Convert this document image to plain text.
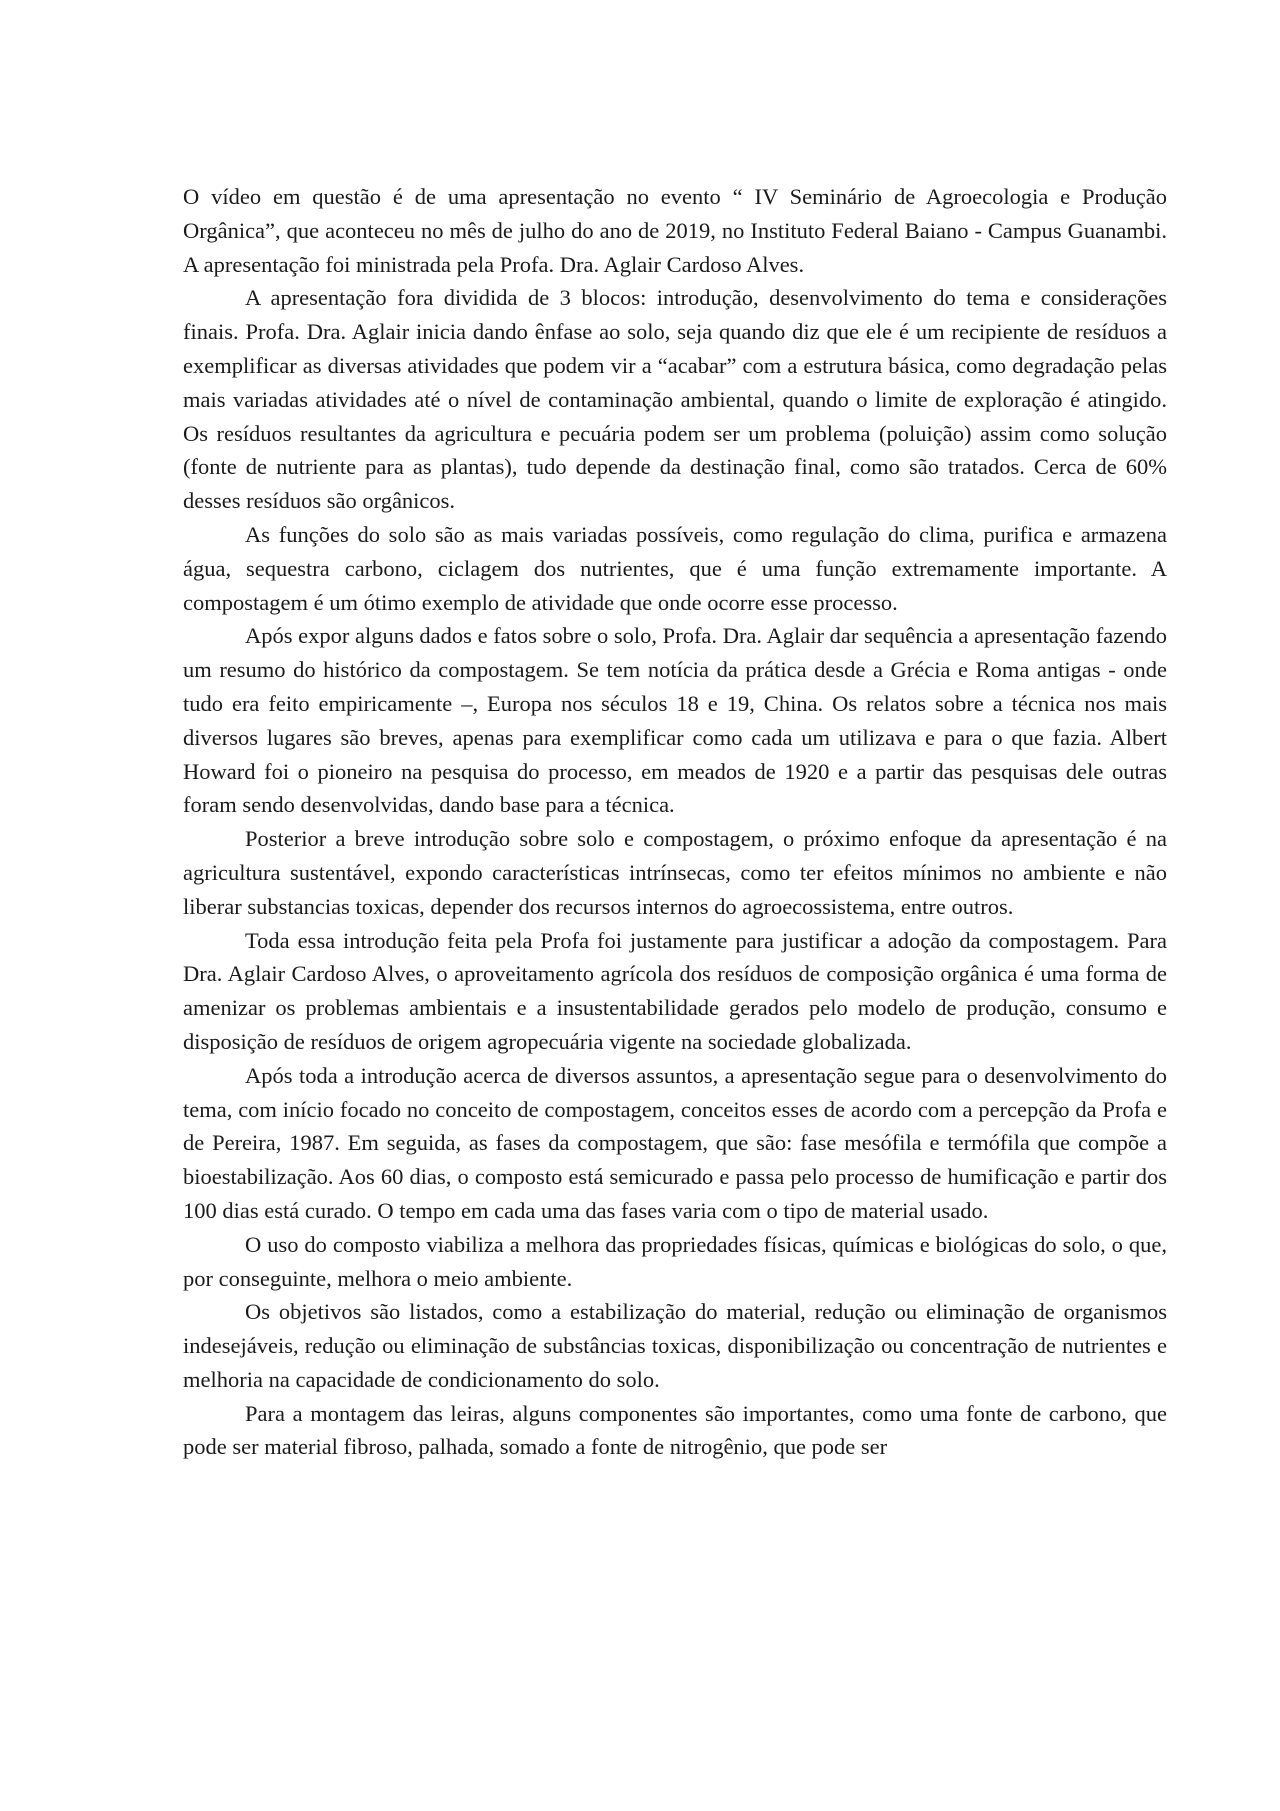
O vídeo em questão é de uma apresentação no evento “ IV Seminário de Agroecologia e Produção Orgânica”, que aconteceu no mês de julho do ano de 2019, no Instituto Federal Baiano - Campus Guanambi. A apresentação foi ministrada pela Profa. Dra. Aglair Cardoso Alves.

A apresentação fora dividida de 3 blocos: introdução, desenvolvimento do tema e considerações finais. Profa. Dra. Aglair inicia dando ênfase ao solo, seja quando diz que ele é um recipiente de resíduos a exemplificar as diversas atividades que podem vir a “acabar” com a estrutura básica, como degradação pelas mais variadas atividades até o nível de contaminação ambiental, quando o limite de exploração é atingido. Os resíduos resultantes da agricultura e pecuária podem ser um problema (poluição) assim como solução (fonte de nutriente para as plantas), tudo depende da destinação final, como são tratados. Cerca de 60% desses resíduos são orgânicos.

As funções do solo são as mais variadas possíveis, como regulação do clima, purifica e armazena água, sequestra carbono, ciclagem dos nutrientes, que é uma função extremamente importante. A compostagem é um ótimo exemplo de atividade que onde ocorre esse processo.

Após expor alguns dados e fatos sobre o solo, Profa. Dra. Aglair dar sequência a apresentação fazendo um resumo do histórico da compostagem. Se tem notícia da prática desde a Grécia e Roma antigas - onde tudo era feito empiricamente –, Europa nos séculos 18 e 19, China. Os relatos sobre a técnica nos mais diversos lugares são breves, apenas para exemplificar como cada um utilizava e para o que fazia. Albert Howard foi o pioneiro na pesquisa do processo, em meados de 1920 e a partir das pesquisas dele outras foram sendo desenvolvidas, dando base para a técnica.

Posterior a breve introdução sobre solo e compostagem, o próximo enfoque da apresentação é na agricultura sustentável, expondo características intrínsecas, como ter efeitos mínimos no ambiente e não liberar substancias toxicas, depender dos recursos internos do agroecossistema, entre outros.

Toda essa introdução feita pela Profa foi justamente para justificar a adoção da compostagem. Para Dra. Aglair Cardoso Alves, o aproveitamento agrícola dos resíduos de composição orgânica é uma forma de amenizar os problemas ambientais e a insustentabilidade gerados pelo modelo de produção, consumo e disposição de resíduos de origem agropecuária vigente na sociedade globalizada.

Após toda a introdução acerca de diversos assuntos, a apresentação segue para o desenvolvimento do tema, com início focado no conceito de compostagem, conceitos esses de acordo com a percepção da Profa e de Pereira, 1987. Em seguida, as fases da compostagem, que são: fase mesófila e termófila que compõe a bioestabilização. Aos 60 dias, o composto está semicurado e passa pelo processo de humificação e partir dos 100 dias está curado. O tempo em cada uma das fases varia com o tipo de material usado.

O uso do composto viabiliza a melhora das propriedades físicas, químicas e biológicas do solo, o que, por conseguinte, melhora o meio ambiente.

Os objetivos são listados, como a estabilização do material, redução ou eliminação de organismos indesejáveis, redução ou eliminação de substâncias toxicas, disponibilização ou concentração de nutrientes e melhoria na capacidade de condicionamento do solo.

Para a montagem das leiras, alguns componentes são importantes, como uma fonte de carbono, que pode ser material fibroso, palhada, somado a fonte de nitrogênio, que pode ser
